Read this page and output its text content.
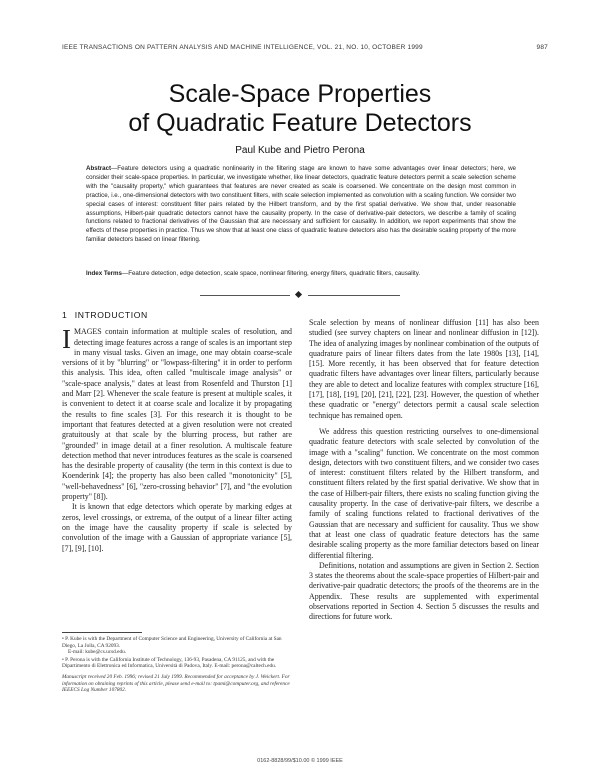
IEEE TRANSACTIONS ON PATTERN ANALYSIS AND MACHINE INTELLIGENCE, VOL. 21, NO. 10, OCTOBER 1999	987
Scale-Space Properties
of Quadratic Feature Detectors
Paul Kube and Pietro Perona
Abstract—Feature detectors using a quadratic nonlinearity in the filtering stage are known to have some advantages over linear detectors; here, we consider their scale-space properties. In particular, we investigate whether, like linear detectors, quadratic feature detectors permit a scale selection scheme with the "causality property," which guarantees that features are never created as scale is coarsened. We concentrate on the design most common in practice, i.e., one-dimensional detectors with two constituent filters, with scale selection implemented as convolution with a scaling function. We consider two special cases of interest: constituent filter pairs related by the Hilbert transform, and by the first spatial derivative. We show that, under reasonable assumptions, Hilbert-pair quadratic detectors cannot have the causality property. In the case of derivative-pair detectors, we describe a family of scaling functions related to fractional derivatives of the Gaussian that are necessary and sufficient for causality. In addition, we report experiments that show the effects of these properties in practice. Thus we show that at least one class of quadratic feature detectors also has the desirable scaling property of the more familiar detectors based on linear filtering.
Index Terms—Feature detection, edge detection, scale space, nonlinear filtering, energy filters, quadratic filters, causality.
1 INTRODUCTION

IMAGES contain information at multiple scales of resolution, and detecting image features across a range of scales is an important step in many visual tasks. Given an image, one may obtain coarse-scale versions of it by "blurring" or "lowpass-filtering" it in order to perform this analysis. This idea, often called "multiscale image analysis" or "scale-space analysis," dates at least from Rosenfeld and Thurston [1] and Marr [2]. Whenever the scale feature is present at multiple scales, it is convenient to detect it at coarse scale and localize it by propagating the results to fine scales [3]. For this research it is thought to be important that features detected at a given resolution were not created gratuitously at that scale by the blurring process, but rather are "grounded" in image detail at a finer resolution. A multiscale feature detection method that never introduces features as the scale is coarsened has the desirable property of causality (the term in this context is due to Koenderink [4]; the property has also been called "monotonicity" [5], "well-behavedness" [6], "zero-crossing behavior" [7], and "the evolution property" [8]).

It is known that edge detectors which operate by marking edges at zeros, level crossings, or extrema, of the output of a linear filter acting on the image have the causality property if scale is selected by convolution of the image with a Gaussian of appropriate variance [5], [7], [9], [10].

Scale selection by means of nonlinear diffusion [11] has also been studied (see survey chapters on linear and nonlinear diffusion in [12]). The idea of analyzing images by nonlinear combination of the outputs of quadrature pairs of linear filters dates from the late 1980s [13], [14], [15]. More recently, it has been observed that for feature detection quadratic filters have advantages over linear filters, particularly because they are able to detect and localize features with complex structure [16], [17], [18], [19], [20], [21], [22], [23]. However, the question of whether these quadratic or "energy" detectors permit a causal scale selection technique has remained open.

We address this question restricting ourselves to one-dimensional quadratic feature detectors with scale selected by convolution of the image with a "scaling" function. We concentrate on the most common design, detectors with two constituent filters, and we consider two cases of interest: constituent filters related by the Hilbert transform, and constituent filters related by the first spatial derivative. We show that in the case of Hilbert-pair filters, there exists no scaling function giving the causality property. In the case of derivative-pair filters, we describe a family of scaling functions related to fractional derivatives of the Gaussian that are necessary and sufficient for causality. Thus we show that at least one class of quadratic feature detectors has the same desirable scaling property as the more familiar detectors based on linear differential filtering.

Definitions, notation and assumptions are given in Section 2. Section 3 states the theorems about the scale-space properties of Hilbert-pair and derivative-pair quadratic detectors; the proofs of the theorems are in the Appendix. These results are supplemented with experimental observations reported in Section 4. Section 5 discusses the results and directions for future work.

• P. Kube is with the Department of Computer Science and Engineering, University of California at San Diego, La Jolla, CA 92093.

E-mail: kube@cs.ucsd.edu.

• P. Perona is with the California Institute of Technology, 136-93, Pasadena, CA 91125, and with the Dipartimento di Elettronica ed Informatica, Università di Padova, Italy. E-mail: perona@caltech.edu.

Manuscript received 20 Feb. 1996; revised 21 July 1999. Recommended for acceptance by J. Weickert. For information on obtaining reprints of this article, please send e-mail to: tpami@computer.org, and reference IEEECS Log Number 107802.

0162-8828/99/$10.00 © 1999 IEEE
